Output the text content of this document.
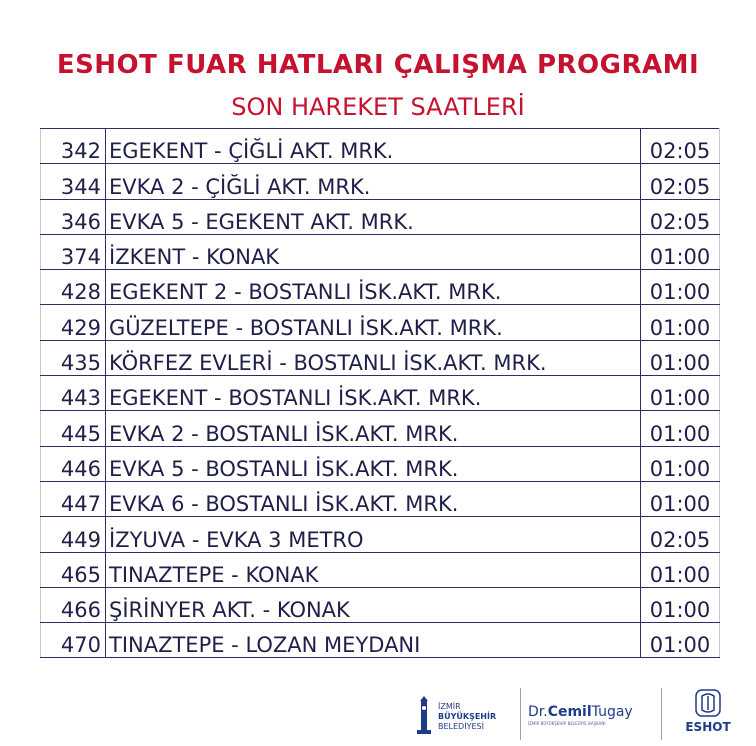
ESHOT FUAR HATLARI ÇALIŞMA PROGRAMI
SON HAREKET SAATLERİ
342	EGEKENT - ÇİĞLİ AKT. MRK.	02:05
344	EVKA 2 - ÇİĞLİ AKT. MRK.	02:05
346	EVKA 5 - EGEKENT AKT. MRK.	02:05
374	İZKENT - KONAK	01:00
428	EGEKENT 2 - BOSTANLI İSK.AKT. MRK.	01:00
429	GÜZELTEPE - BOSTANLI İSK.AKT. MRK.	01:00
435	KÖRFEZ EVLERİ - BOSTANLI İSK.AKT. MRK.	01:00
443	EGEKENT - BOSTANLI İSK.AKT. MRK.	01:00
445	EVKA 2 - BOSTANLI İSK.AKT. MRK.	01:00
446	EVKA 5 - BOSTANLI İSK.AKT. MRK.	01:00
447	EVKA 6 - BOSTANLI İSK.AKT. MRK.	01:00
449	İZYUVA - EVKA 3 METRO	02:05
465	TINAZTEPE - KONAK	01:00
466	ŞİRİNYER AKT. - KONAK	01:00
470	TINAZTEPE - LOZAN MEYDANI	01:00
İZMİR
BÜYÜKŞEHİR
BELEDİYESİ
Dr.CemilTugay
İZMİR BÜYÜKŞEHİR BELEDİYE BAŞKANI	ESHOT
